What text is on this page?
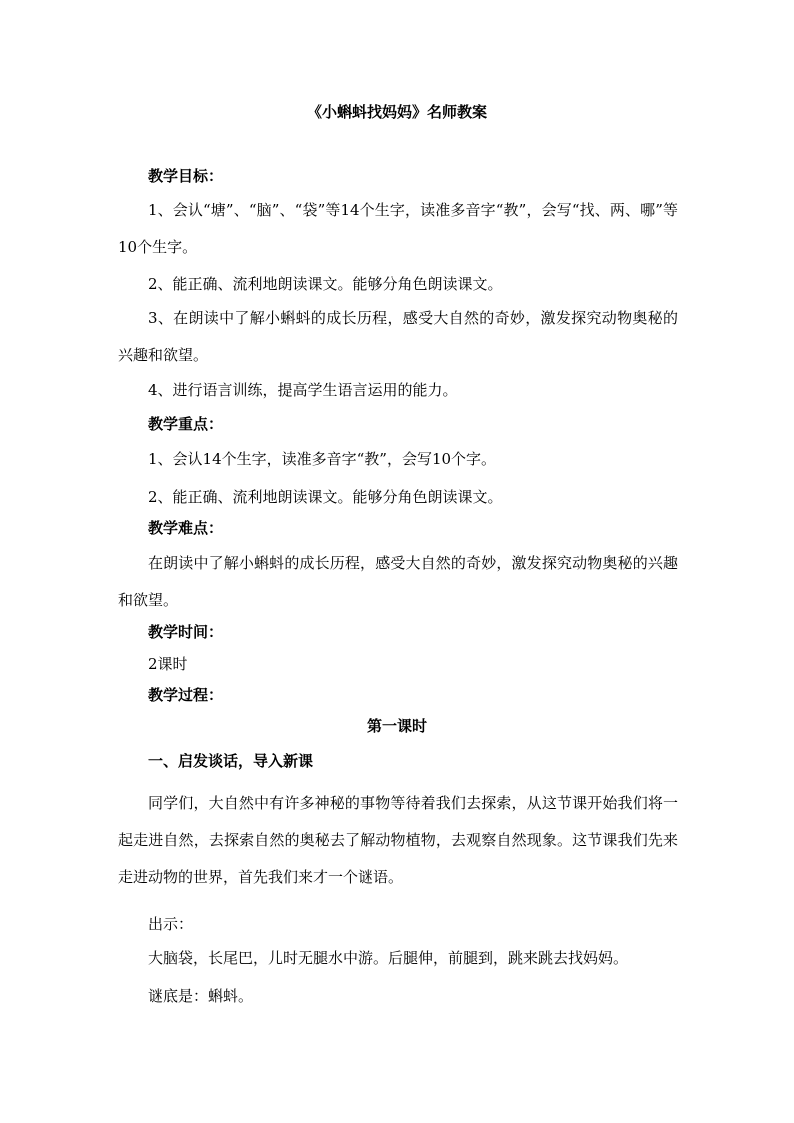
《小蝌蚪找妈妈》名师教案
教学目标：
1、会认“塘”、“脑”、“袋”等14个生字，读准多音字“教”，会写“找、两、哪”等10个生字。
2、能正确、流利地朗读课文。能够分角色朗读课文。
3、在朗读中了解小蝌蚪的成长历程，感受大自然的奇妙，激发探究动物奥秘的兴趣和欲望。
4、进行语言训练，提高学生语言运用的能力。
教学重点：
1、会认14个生字，读准多音字“教”，会写10个字。
2、能正确、流利地朗读课文。能够分角色朗读课文。
教学难点：
在朗读中了解小蝌蚪的成长历程，感受大自然的奇妙，激发探究动物奥秘的兴趣和欲望。
教学时间：
2课时
教学过程：
第一课时
一、启发谈话，导入新课
同学们，大自然中有许多神秘的事物等待着我们去探索，从这节课开始我们将一起走进自然，去探索自然的奥秘去了解动物植物，去观察自然现象。这节课我们先来走进动物的世界，首先我们来才一个谜语。
出示：
大脑袋，长尾巴，儿时无腿水中游。后腿伸，前腿到，跳来跳去找妈妈。
谜底是：蝌蚪。
